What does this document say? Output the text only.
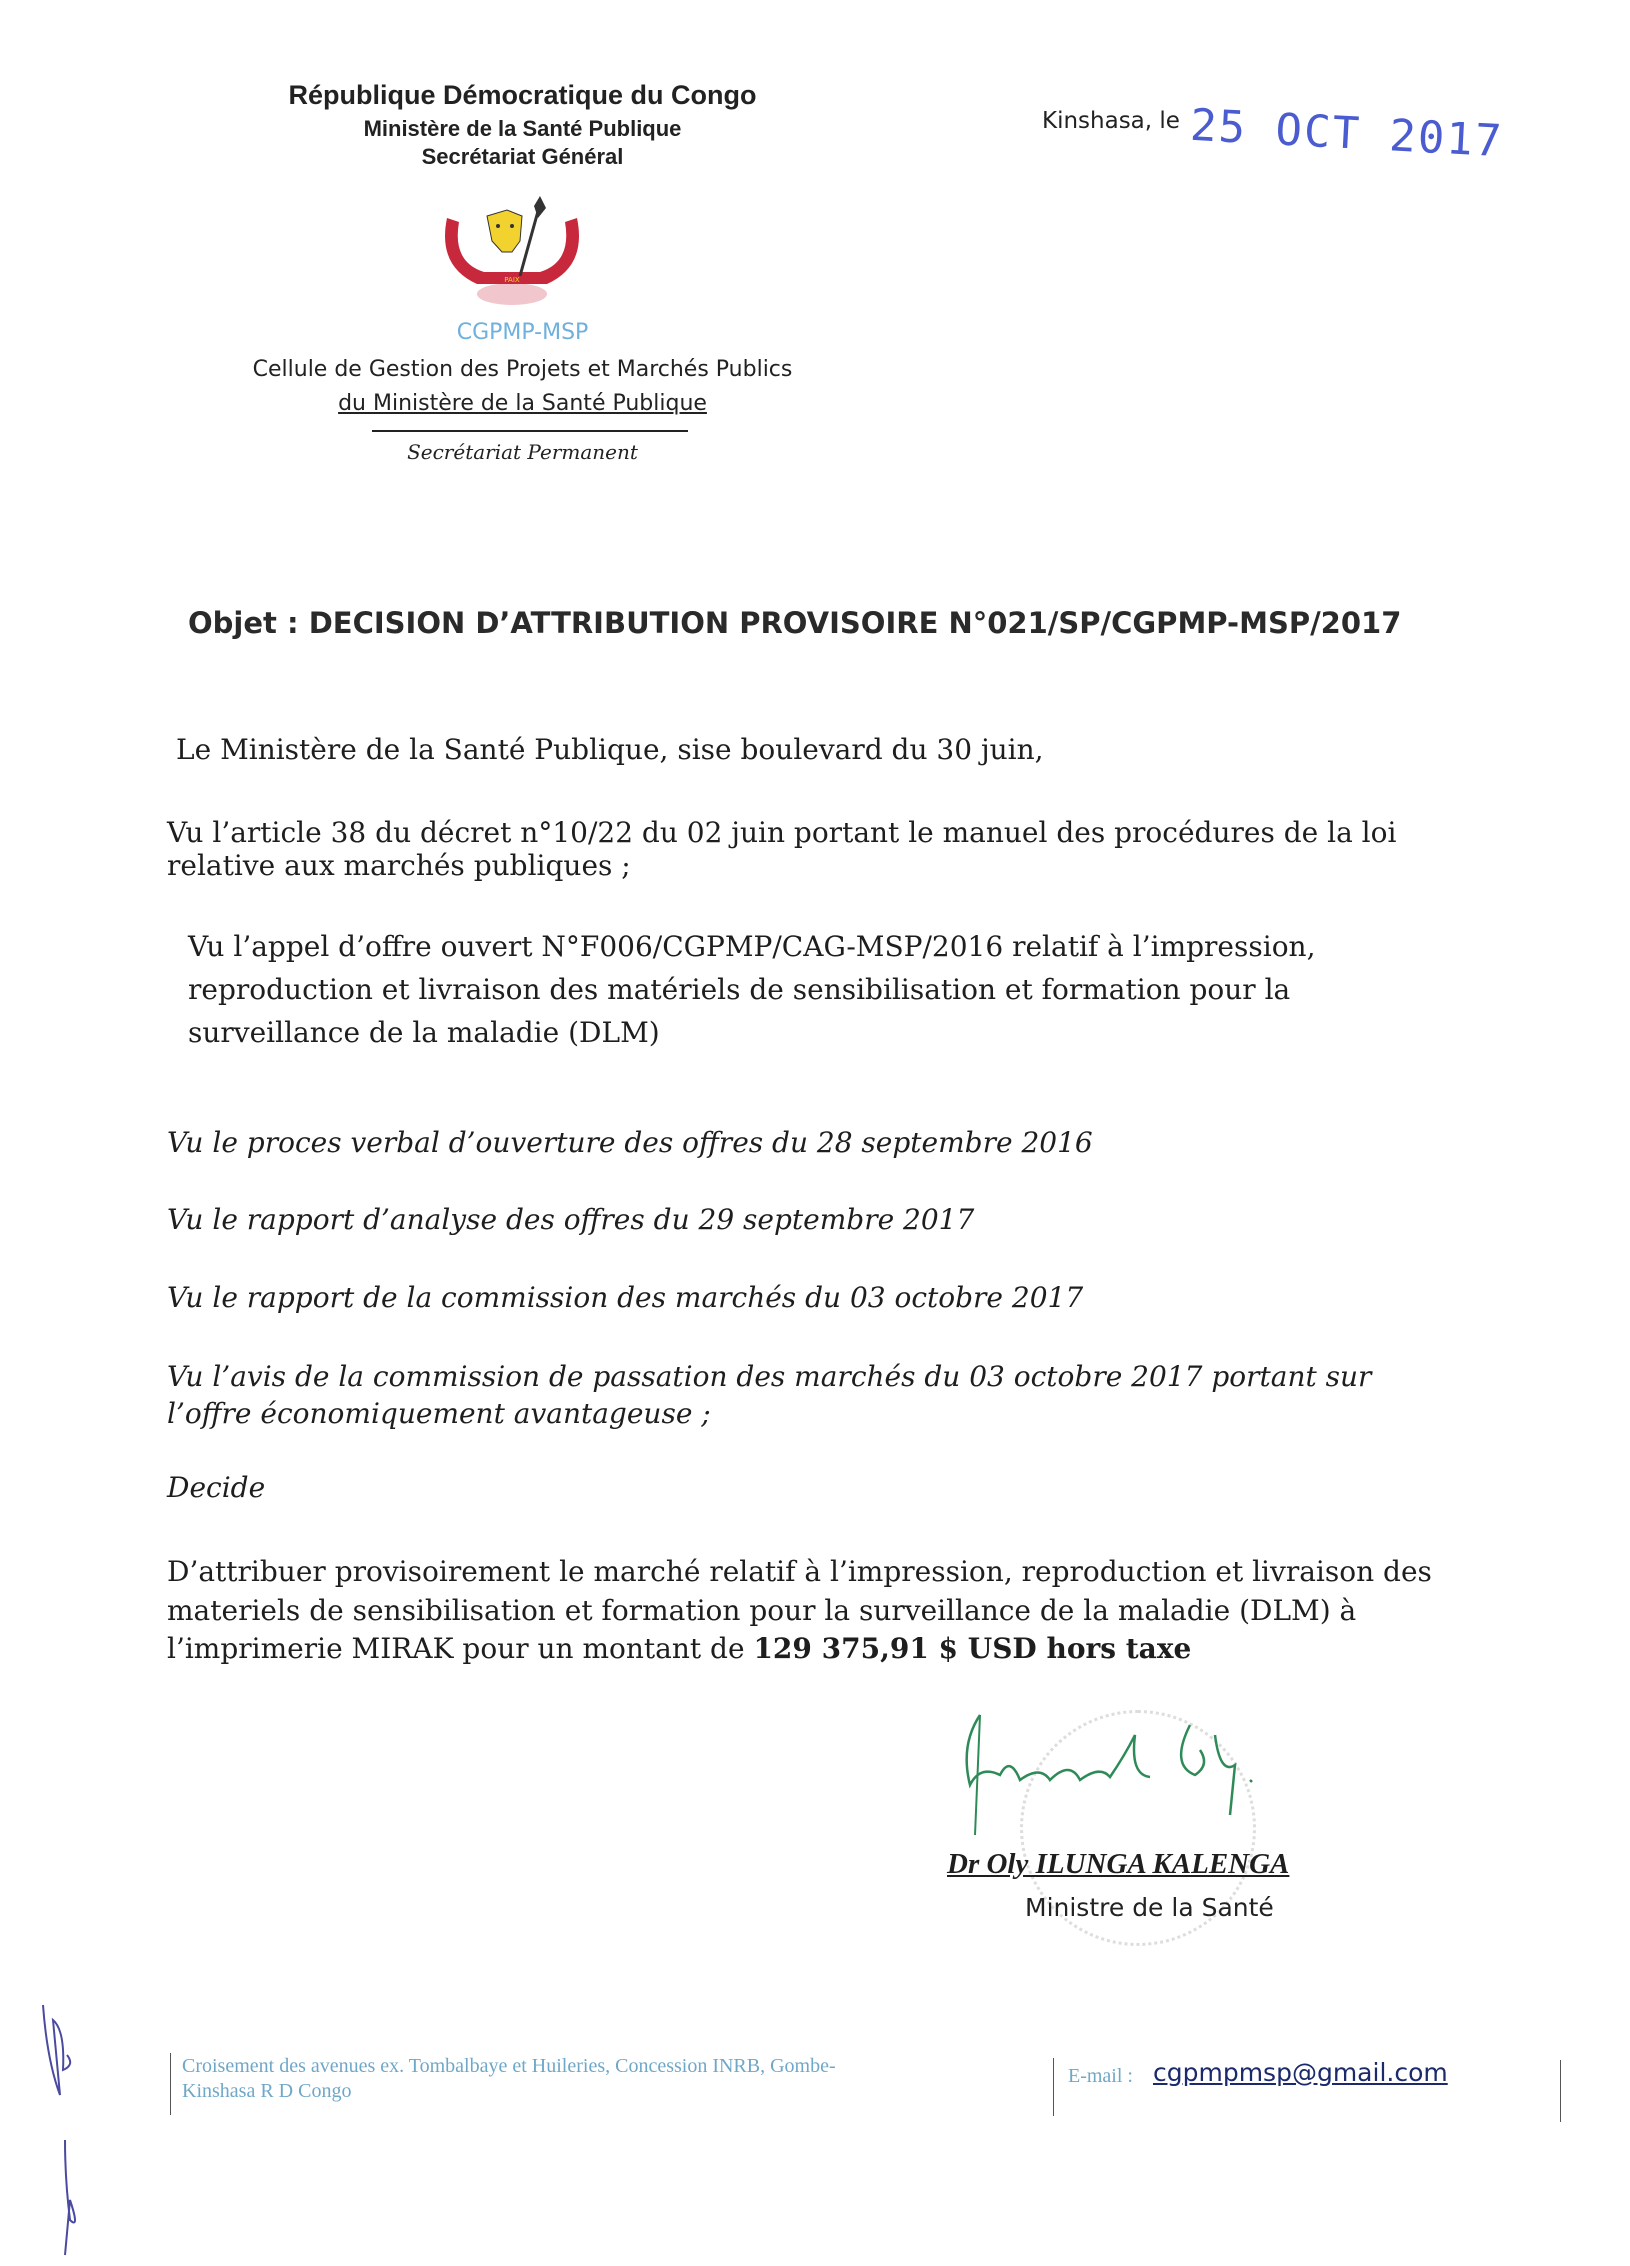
République Démocratique du Congo
Ministère de la Santé Publique
Secrétariat Général
PAIX
CGPMP-MSP
Cellule de Gestion des Projets et Marchés Publics
du Ministère de la Santé Publique
Secrétariat Permanent
Kinshasa, le 25 OCT 2017
Objet : DECISION D’ATTRIBUTION PROVISOIRE N°021/SP/CGPMP-MSP/2017
Le Ministère de la Santé Publique, sise boulevard du 30 juin,
Vu l’article 38 du décret n°10/22 du 02 juin portant le manuel des procédures de la loi
relative aux marchés publiques ;
Vu l’appel d’offre ouvert N°F006/CGPMP/CAG-MSP/2016 relatif à l’impression,
reproduction et livraison des matériels de sensibilisation et formation pour la
surveillance de la maladie (DLM)
Vu le proces verbal d’ouverture des offres du 28 septembre 2016
Vu le rapport d’analyse des offres du 29 septembre 2017
Vu le rapport de la commission des marchés du 03 octobre 2017
Vu l’avis de la commission de passation des marchés du 03 octobre 2017 portant sur
l’offre économiquement avantageuse ;
Decide
D’attribuer provisoirement le marché relatif à l’impression, reproduction et livraison des
materiels de sensibilisation et formation pour la surveillance de la maladie (DLM) à
l’imprimerie MIRAK pour un montant de 129 375,91 $ USD hors taxe
Dr Oly ILUNGA KALENGA
Ministre de la Santé
Croisement des avenues ex. Tombalbaye et Huileries, Concession INRB, Gombe-
Kinshasa R D Congo
E-mail : cgpmpmsp@gmail.com
